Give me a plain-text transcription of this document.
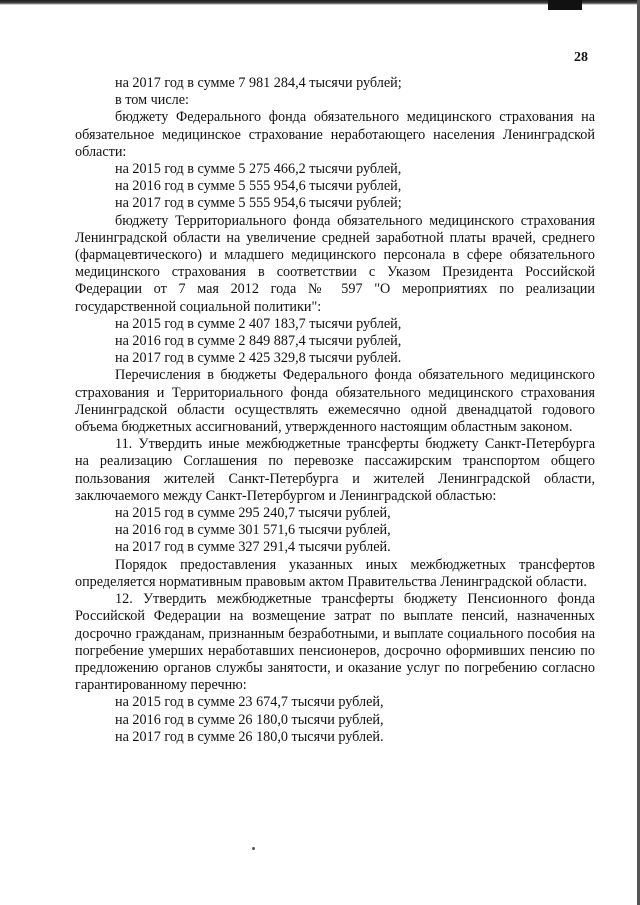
28

на 2017 год в сумме 7 981 284,4 тысячи рублей;

в том числе:

бюджету Федерального фонда обязательного медицинского страхования на обязательное медицинское страхование неработающего населения Ленинградской области:

на 2015 год в сумме 5 275 466,2 тысячи рублей,

на 2016 год в сумме 5 555 954,6 тысячи рублей,

на 2017 год в сумме 5 555 954,6 тысячи рублей;

бюджету Территориального фонда обязательного медицинского страхования Ленинградской области на увеличение средней заработной платы врачей, среднего (фармацевтического) и младшего медицинского персонала в сфере обязательного медицинского страхования в соответствии с Указом Президента Российской Федерации от 7 мая 2012 года № 597 "О мероприятиях по реализации государственной социальной политики":

на 2015 год в сумме 2 407 183,7 тысячи рублей,

на 2016 год в сумме 2 849 887,4 тысячи рублей,

на 2017 год в сумме 2 425 329,8 тысячи рублей.

Перечисления в бюджеты Федерального фонда обязательного медицинского страхования и Территориального фонда обязательного медицинского страхования Ленинградской области осуществлять ежемесячно одной двенадцатой годового объема бюджетных ассигнований, утвержденного настоящим областным законом.

11. Утвердить иные межбюджетные трансферты бюджету Санкт-Петербурга на реализацию Соглашения по перевозке пассажирским транспортом общего пользования жителей Санкт-Петербурга и жителей Ленинградской области, заключаемого между Санкт-Петербургом и Ленинградской областью:

на 2015 год в сумме 295 240,7 тысячи рублей,

на 2016 год в сумме 301 571,6 тысячи рублей,

на 2017 год в сумме 327 291,4 тысячи рублей.

Порядок предоставления указанных иных межбюджетных трансфертов определяется нормативным правовым актом Правительства Ленинградской области.

12. Утвердить межбюджетные трансферты бюджету Пенсионного фонда Российской Федерации на возмещение затрат по выплате пенсий, назначенных досрочно гражданам, признанным безработными, и выплате социального пособия на погребение умерших неработавших пенсионеров, досрочно оформивших пенсию по предложению органов службы занятости, и оказание услуг по погребению согласно гарантированному перечню:

на 2015 год в сумме 23 674,7 тысячи рублей,

на 2016 год в сумме 26 180,0 тысячи рублей,

на 2017 год в сумме 26 180,0 тысячи рублей.
